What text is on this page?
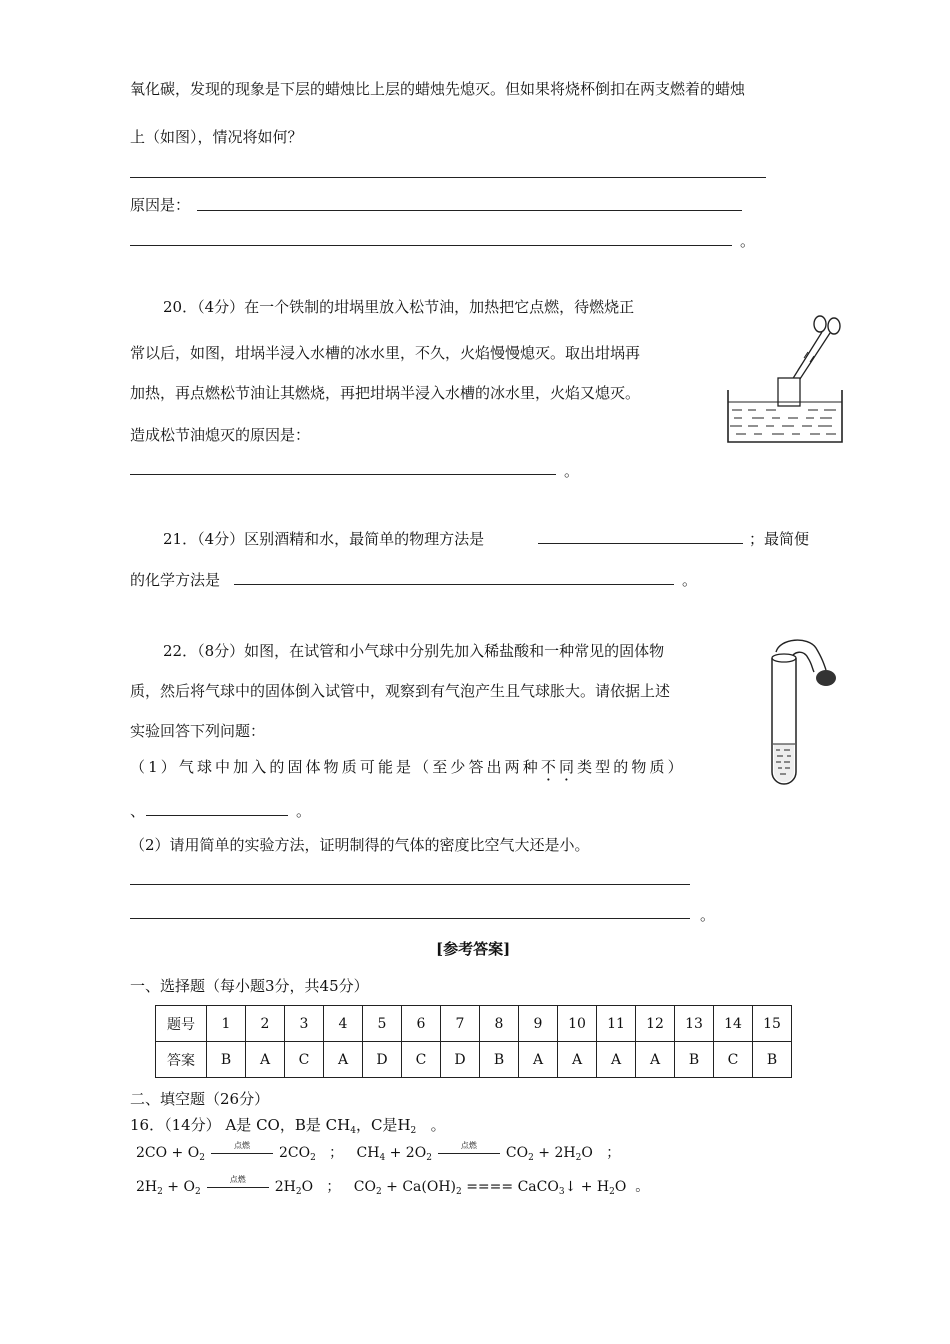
氧化碳，发现的现象是下层的蜡烛比上层的蜡烛先熄灭。但如果将烧杯倒扣在两支燃着的蜡烛
上（如图），情况将如何？
原因是：
。
20．（4分）在一个铁制的坩埚里放入松节油，加热把它点燃，待燃烧正
常以后，如图，坩埚半浸入水槽的冰水里，不久，火焰慢慢熄灭。取出坩埚再
加热，再点燃松节油让其燃烧，再把坩埚半浸入水槽的冰水里，火焰又熄灭。
造成松节油熄灭的原因是：
。
21．（4分）区别酒精和水，最简单的物理方法是	；最简便
的化学方法是	。
22．（8分）如图，在试管和小气球中分别先加入稀盐酸和一种常见的固体物
质，然后将气球中的固体倒入试管中，观察到有气泡产生且气球胀大。请依据上述
实验回答下列问题：
（1）气球中加入的固体物质可能是（至少答出两种不同类型的物质）
、	。
（2）请用简单的实验方法，证明制得的气体的密度比空气大还是小。
。
[参考答案]
一、选择题（每小题3分，共45分）
题号	1	2	3	4	5	6	7	8	9	10	11	12	13	14	15
答案	B	A	C	A	D	C	D	B	A	A	A	A	B	C	B
二、填空题（26分）
16．（14分） A是 CO，B是 $CH_4$，C是$H_2$ 。
$2CO + O_2$
点燃	$2CO_2$ ； $CH_4 + 2O_2$
点燃	$CO_2 + 2H_2O$ ；
$2H_2 + O_2$
点燃	$2H_2O$ ； $CO_2 + Ca(OH)_2$ ==== CaCO$_3$↓ + $H_2O$ 。
